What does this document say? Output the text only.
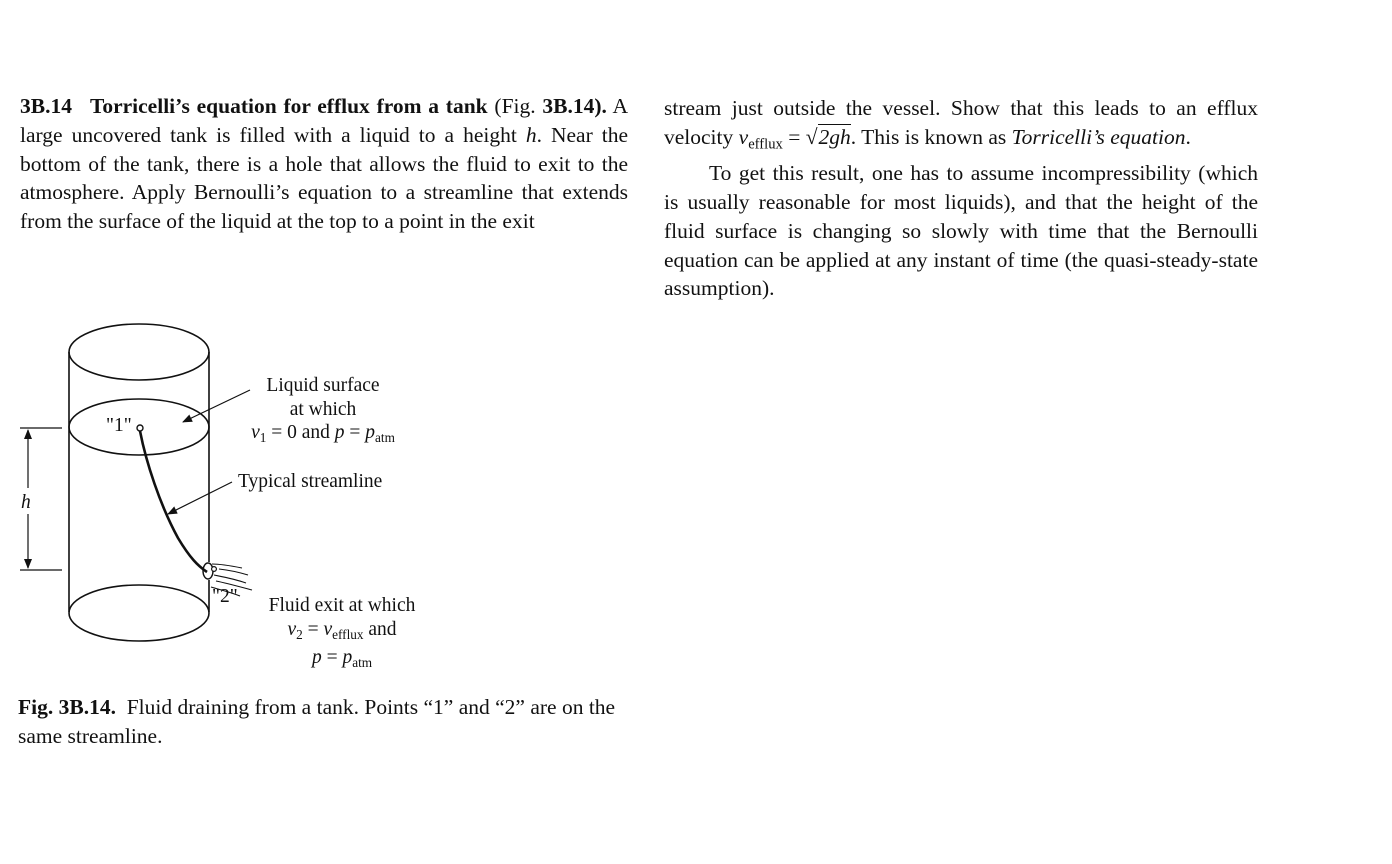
3B.14 Torricelli’s equation for efflux from a tank (Fig. 3B.14). A large uncovered tank is filled with a liquid to a height h. Near the bottom of the tank, there is a hole that allows the fluid to exit to the atmosphere. Apply Bernoulli’s equation to a streamline that extends from the surface of the liquid at the top to a point in the exit

stream just outside the vessel. Show that this leads to an efflux velocity $v_{efflux} = √2gh$. This is known as Torricelli’s equation.

To get this result, one has to assume incompressibility (which is usually reasonable for most liquids), and that the height of the fluid surface is changing so slowly with time that the Bernoulli equation can be applied at any instant of time (the quasi-steady-state assumption).

h
"1"
"2"
Liquid surface
at which
$v_1 = 0$ and $p = p_{atm}$
Typical streamline
Fluid exit at which
$v_2 = v_{efflux}$ and
$p = p_{atm}$

Fig. 3B.14. Fluid draining from a tank. Points “1” and “2” are on the same streamline.
